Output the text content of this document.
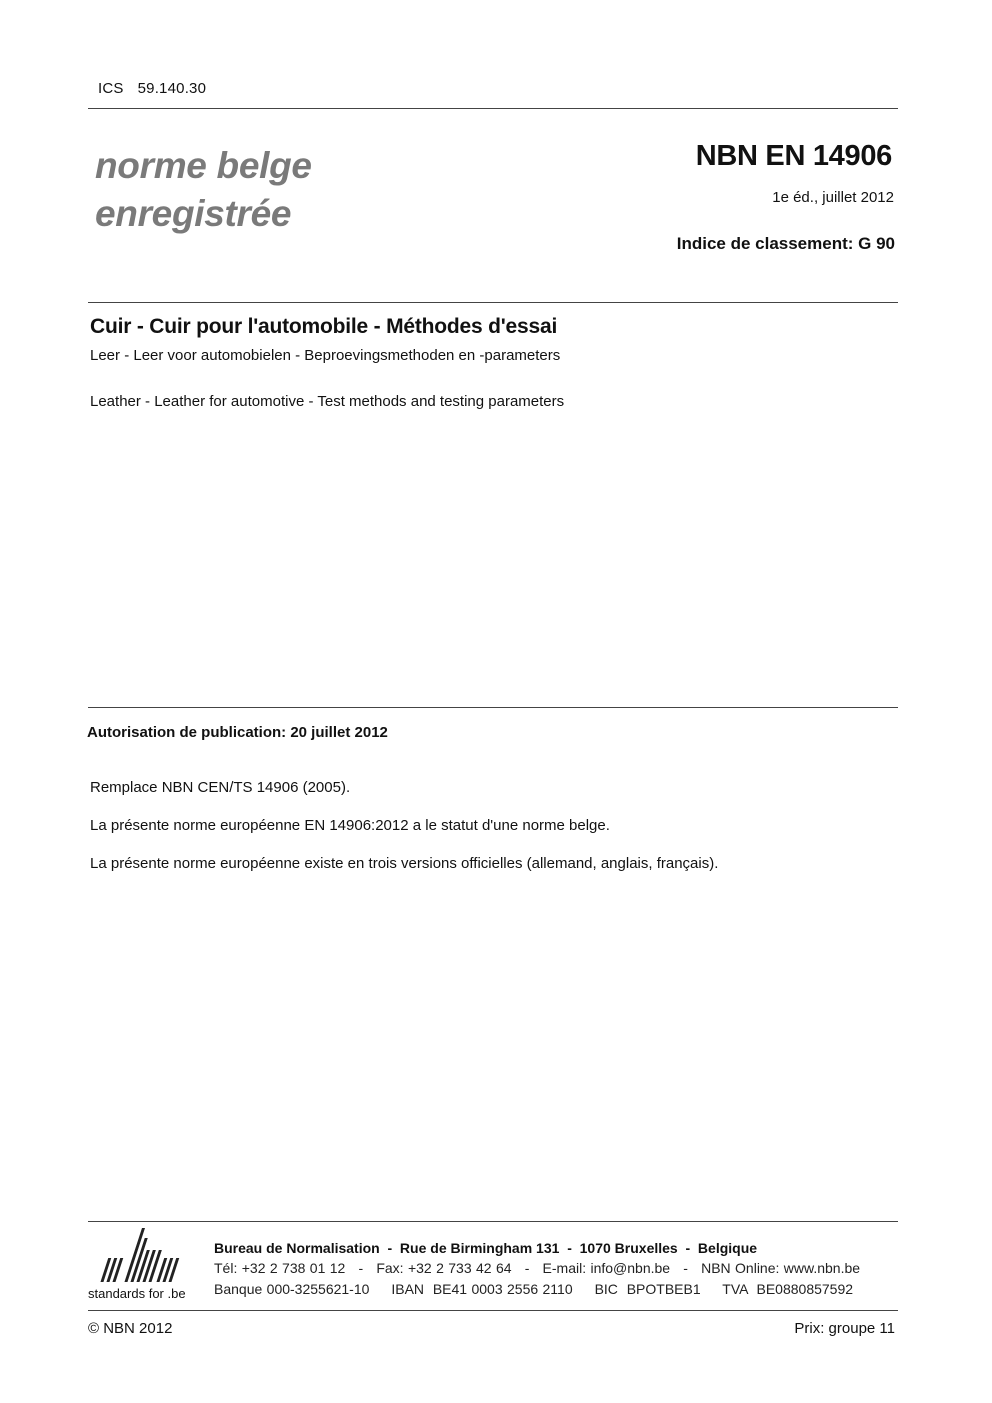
ICS 59.140.30
norme belge
enregistrée
NBN EN 14906
1e éd., juillet 2012
Indice de classement: G 90
Cuir - Cuir pour l'automobile - Méthodes d'essai
Leer - Leer voor automobielen - Beproevingsmethoden en -parameters
Leather - Leather for automotive - Test methods and testing parameters
Autorisation de publication: 20 juillet 2012
Remplace NBN CEN/TS 14906 (2005).
La présente norme européenne EN 14906:2012 a le statut d'une norme belge.
La présente norme européenne existe en trois versions officielles (allemand, anglais, français).
standards for .be
Bureau de Normalisation  -  Rue de Birmingham 131  -  1070 Bruxelles  -  Belgique
Tél: +32 2 738 01 12   -   Fax: +32 2 733 42 64   -   E-mail: info@nbn.be   -   NBN Online: www.nbn.be
Banque 000-3255621-10     IBAN  BE41 0003 2556 2110     BIC  BPOTBEB1     TVA  BE0880857592
© NBN 2012	Prix: groupe 11
